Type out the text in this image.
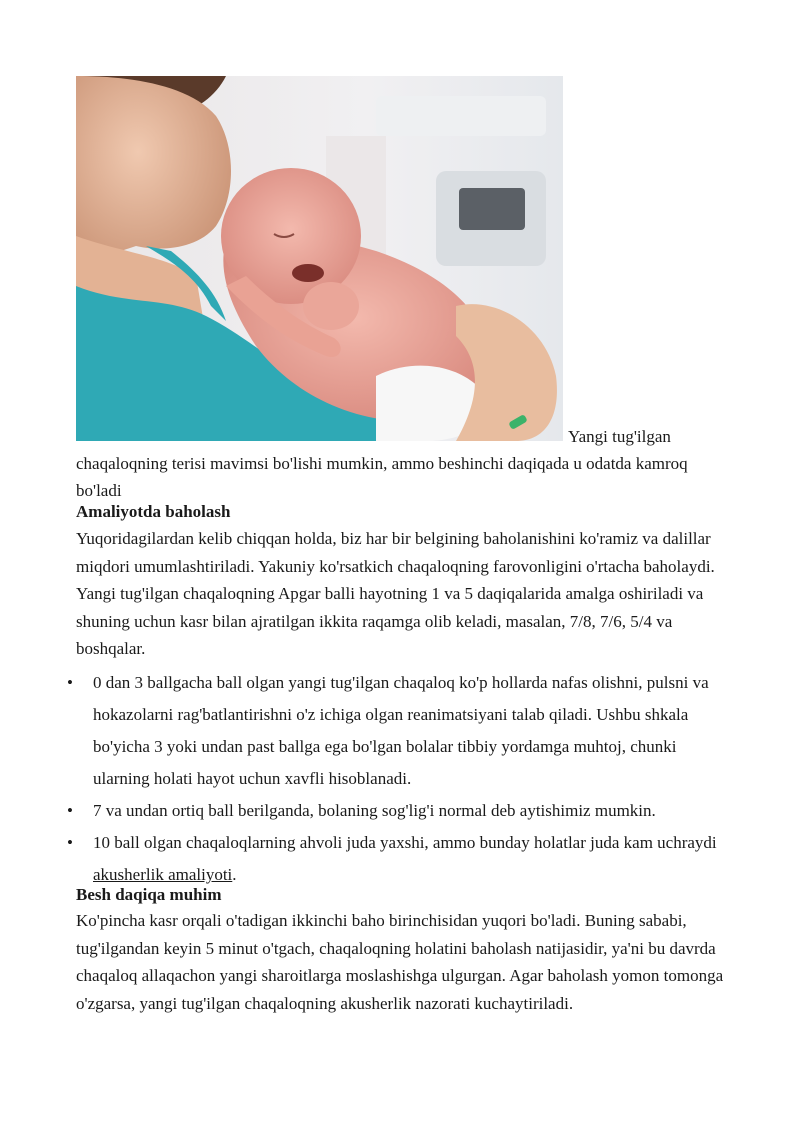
Yangi tug'ilgan
chaqaloqning terisi mavimsi bo'lishi mumkin, ammo beshinchi daqiqada u odatda kamroq bo'ladi
Amaliyotda baholash
Yuqoridagilardan kelib chiqqan holda, biz har bir belgining baholanishini ko'ramiz va dalillar miqdori umumlashtiriladi. Yakuniy ko'rsatkich chaqaloqning farovonligini o'rtacha baholaydi. Yangi tug'ilgan chaqaloqning Apgar balli hayotning 1 va 5 daqiqalarida amalga oshiriladi va shuning uchun kasr bilan ajratilgan ikkita raqamga olib keladi, masalan, 7/8, 7/6, 5/4 va boshqalar.
• 0 dan 3 ballgacha ball olgan yangi tug'ilgan chaqaloq ko'p hollarda nafas olishni, pulsni va hokazolarni rag'batlantirishni o'z ichiga olgan reanimatsiyani talab qiladi. Ushbu shkala bo'yicha 3 yoki undan past ballga ega bo'lgan bolalar tibbiy yordamga muhtoj, chunki ularning holati hayot uchun xavfli hisoblanadi.
• 7 va undan ortiq ball berilganda, bolaning sog'lig'i normal deb aytishimiz mumkin.
• 10 ball olgan chaqaloqlarning ahvoli juda yaxshi, ammo bunday holatlar juda kam uchraydi akusherlik amaliyoti.
Besh daqiqa muhim
Ko'pincha kasr orqali o'tadigan ikkinchi baho birinchisidan yuqori bo'ladi. Buning sababi, tug'ilgandan keyin 5 minut o'tgach, chaqaloqning holatini baholash natijasidir, ya'ni bu davrda chaqaloq allaqachon yangi sharoitlarga moslashishga ulgurgan. Agar baholash yomon tomonga o'zgarsa, yangi tug'ilgan chaqaloqning akusherlik nazorati kuchaytiriladi.
